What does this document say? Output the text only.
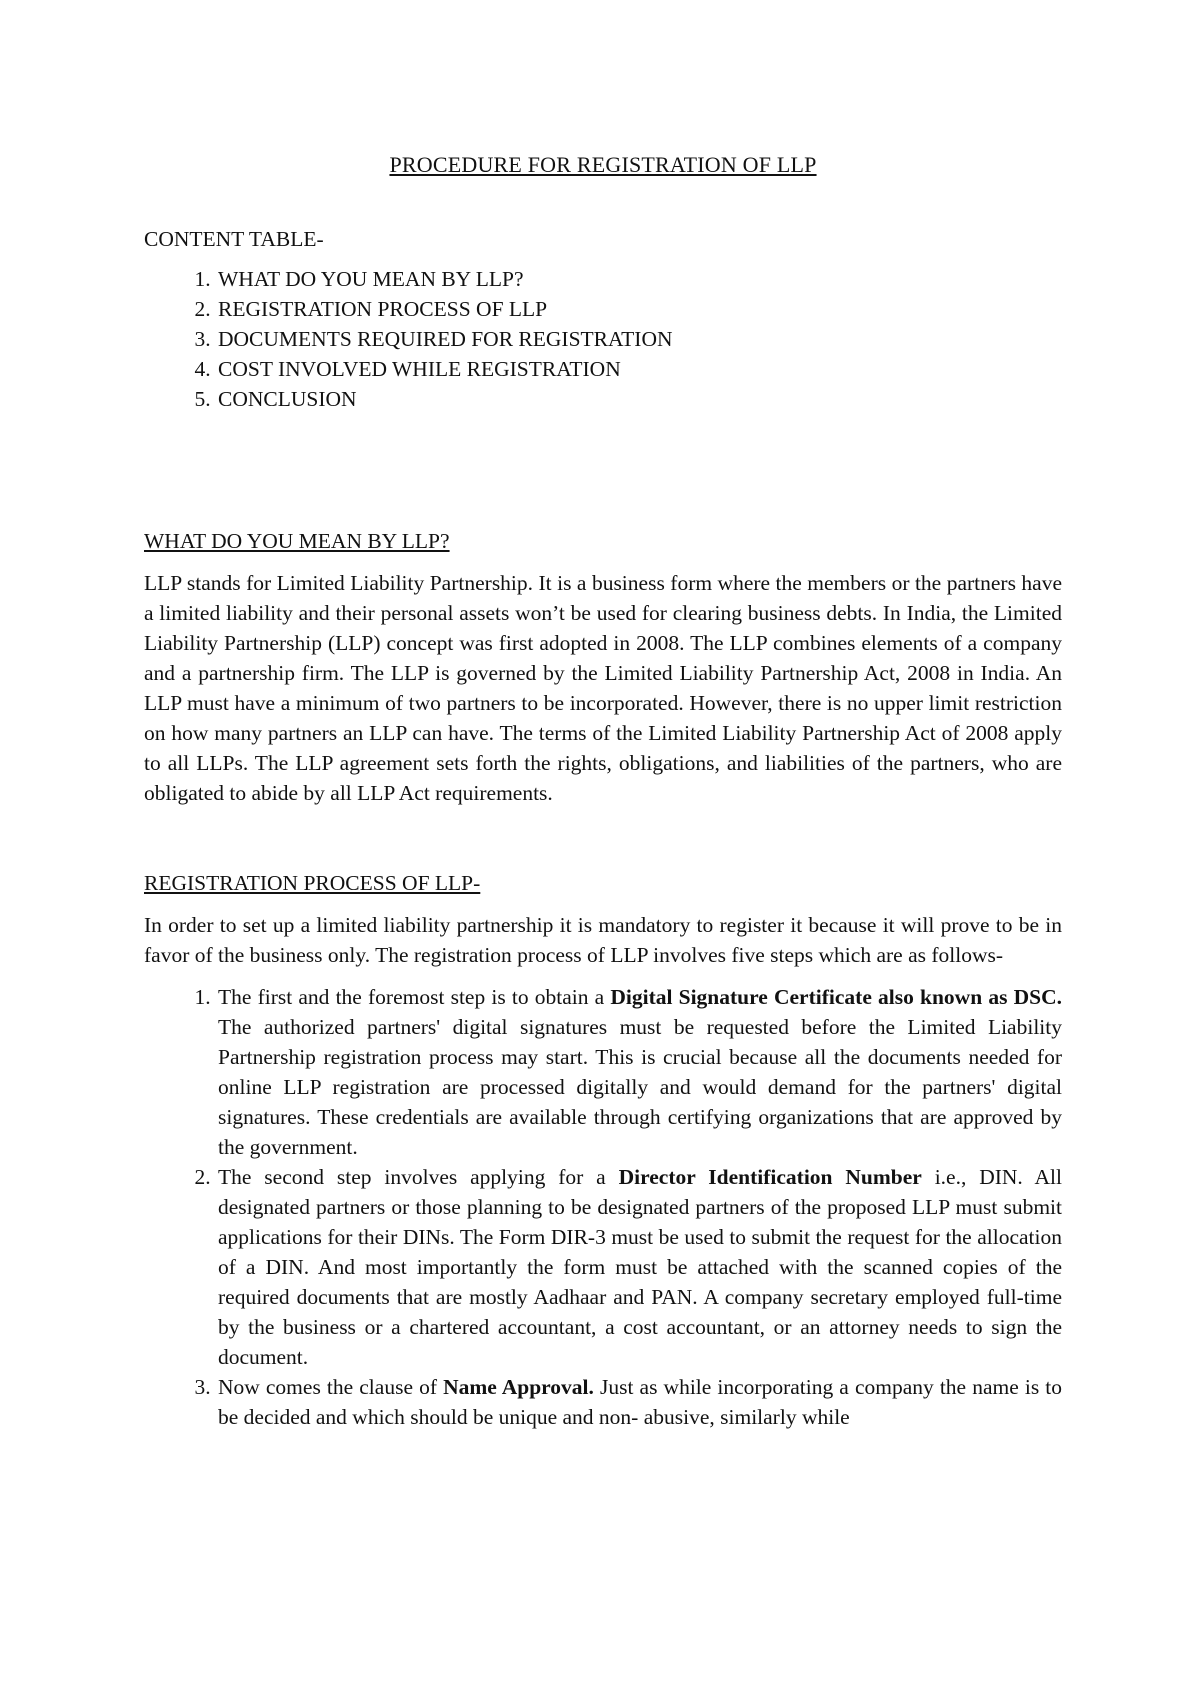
PROCEDURE FOR REGISTRATION OF LLP
CONTENT TABLE-
1. WHAT DO YOU MEAN BY LLP?
2. REGISTRATION PROCESS OF LLP
3. DOCUMENTS REQUIRED FOR REGISTRATION
4. COST INVOLVED WHILE REGISTRATION
5. CONCLUSION
WHAT DO YOU MEAN BY LLP?

LLP stands for Limited Liability Partnership. It is a business form where the members or the partners have a limited liability and their personal assets won’t be used for clearing business debts. In India, the Limited Liability Partnership (LLP) concept was first adopted in 2008. The LLP combines elements of a company and a partnership firm. The LLP is governed by the Limited Liability Partnership Act, 2008 in India. An LLP must have a minimum of two partners to be incorporated. However, there is no upper limit restriction on how many partners an LLP can have. The terms of the Limited Liability Partnership Act of 2008 apply to all LLPs. The LLP agreement sets forth the rights, obligations, and liabilities of the partners, who are obligated to abide by all LLP Act requirements.

REGISTRATION PROCESS OF LLP-

In order to set up a limited liability partnership it is mandatory to register it because it will prove to be in favor of the business only. The registration process of LLP involves five steps which are as follows-

1. The first and the foremost step is to obtain a Digital Signature Certificate also known as DSC. The authorized partners' digital signatures must be requested before the Limited Liability Partnership registration process may start. This is crucial because all the documents needed for online LLP registration are processed digitally and would demand for the partners' digital signatures. These credentials are available through certifying organizations that are approved by the government.
2. The second step involves applying for a Director Identification Number i.e., DIN. All designated partners or those planning to be designated partners of the proposed LLP must submit applications for their DINs. The Form DIR-3 must be used to submit the request for the allocation of a DIN. And most importantly the form must be attached with the scanned copies of the required documents that are mostly Aadhaar and PAN. A company secretary employed full-time by the business or a chartered accountant, a cost accountant, or an attorney needs to sign the document.
3. Now comes the clause of Name Approval. Just as while incorporating a company the name is to be decided and which should be unique and non- abusive, similarly while
